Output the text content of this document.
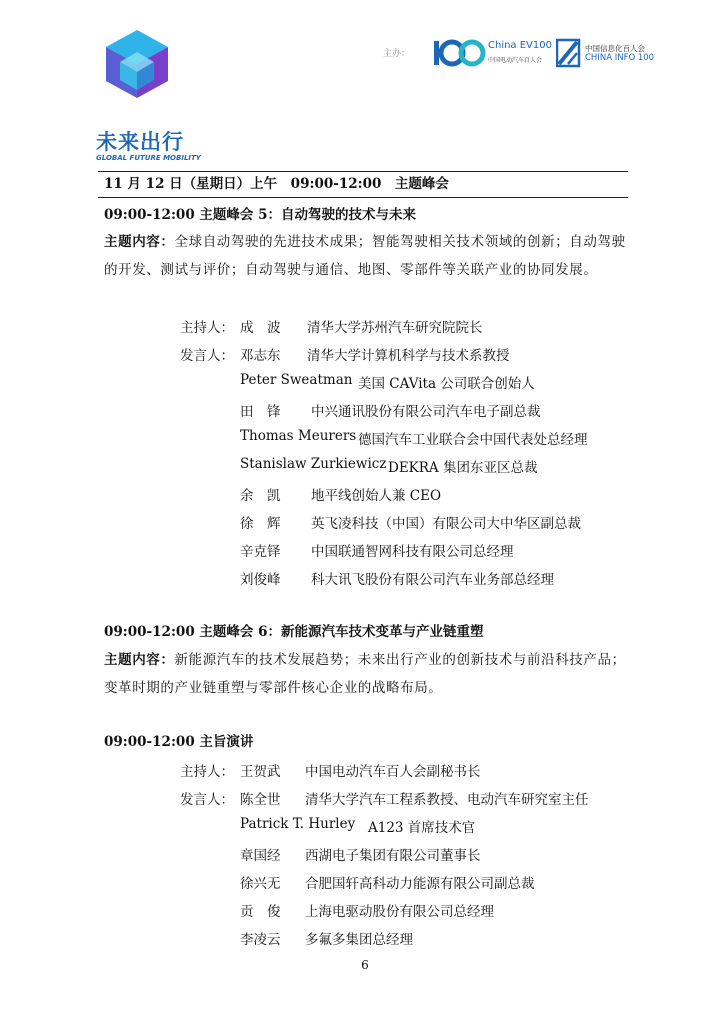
未来出行
GLOBAL FUTURE MOBILITY
主办：
China EV100
中国电动汽车百人会
中国信息化百人会
CHINA INFO 100
11 月 12 日（星期日）上午　09:00-12:00　主题峰会
09:00-12:00 主题峰会 5：自动驾驶的技术与未来
主题内容：全球自动驾驶的先进技术成果；智能驾驶相关技术领域的创新；自动驾驶的开发、测试与评价；自动驾驶与通信、地图、零部件等关联产业的协同发展。
主持人： 成　波 清华大学苏州汽车研究院院长
发言人： 邓志东 清华大学计算机科学与技术系教授
Peter Sweatman 美国 CAVita 公司联合创始人
田　锋 中兴通讯股份有限公司汽车电子副总裁
Thomas Meurers 德国汽车工业联合会中国代表处总经理
Stanislaw Zurkiewicz DEKRA 集团东亚区总裁
余　凯 地平线创始人兼 CEO
徐　辉 英飞凌科技（中国）有限公司大中华区副总裁
辛克铎 中国联通智网科技有限公司总经理
刘俊峰 科大讯飞股份有限公司汽车业务部总经理
09:00-12:00 主题峰会 6：新能源汽车技术变革与产业链重塑
主题内容：新能源汽车的技术发展趋势；未来出行产业的创新技术与前沿科技产品；变革时期的产业链重塑与零部件核心企业的战略布局。
09:00-12:00 主旨演讲
主持人： 王贺武 中国电动汽车百人会副秘书长
发言人： 陈全世 清华大学汽车工程系教授、电动汽车研究室主任
Patrick T. Hurley A123 首席技术官
章国经 西湖电子集团有限公司董事长
徐兴无 合肥国轩高科动力能源有限公司副总裁
贡　俊 上海电驱动股份有限公司总经理
李凌云 多氟多集团总经理
6
